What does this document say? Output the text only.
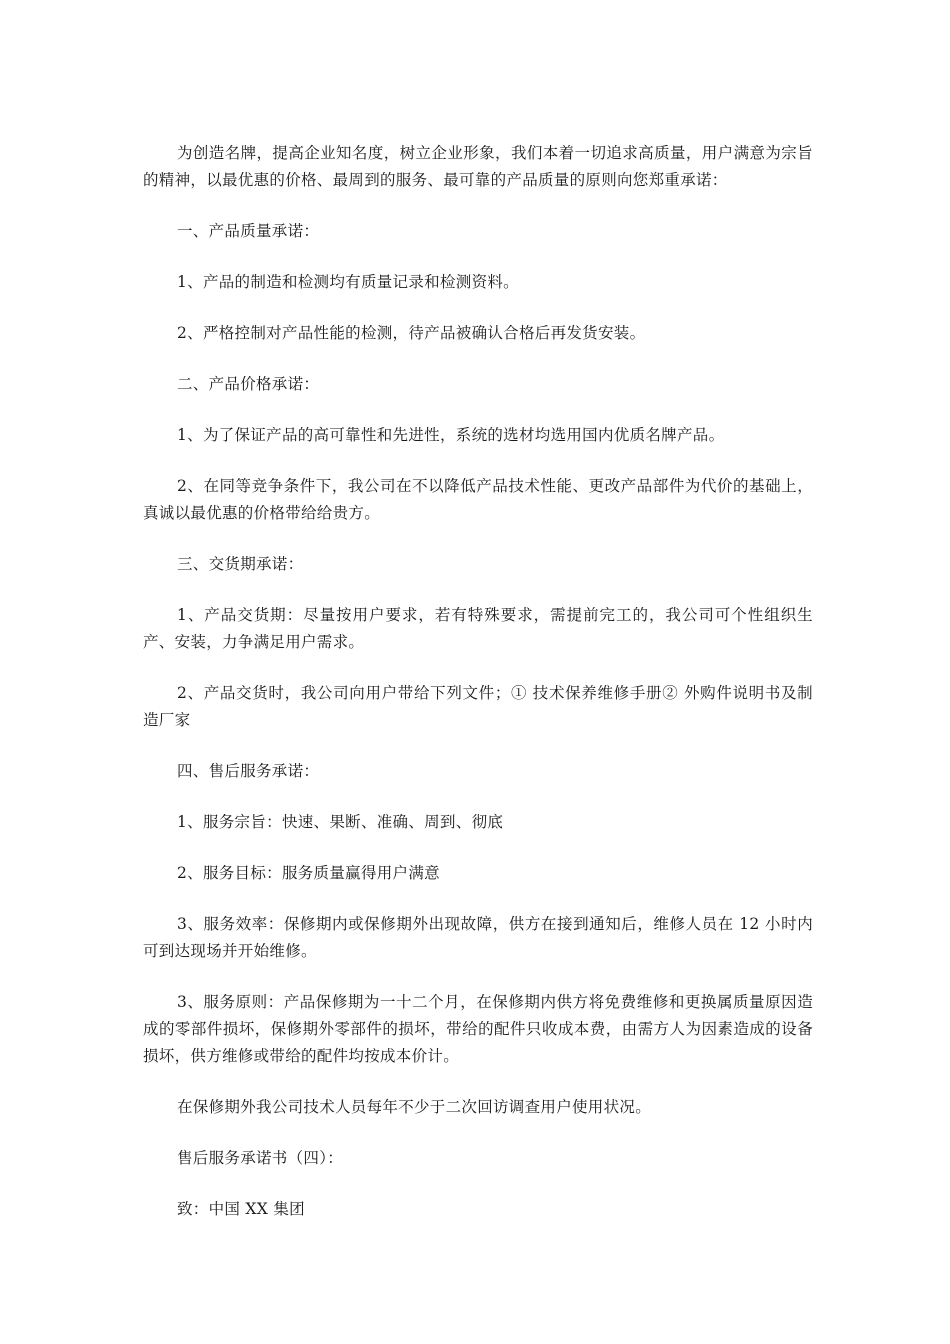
为创造名牌，提高企业知名度，树立企业形象，我们本着一切追求高质量，用户满意为宗旨的精神，以最优惠的价格、最周到的服务、最可靠的产品质量的原则向您郑重承诺：

一、产品质量承诺：

1、产品的制造和检测均有质量记录和检测资料。

2、严格控制对产品性能的检测，待产品被确认合格后再发货安装。

二、产品价格承诺：

1、为了保证产品的高可靠性和先进性，系统的选材均选用国内优质名牌产品。

2、在同等竞争条件下，我公司在不以降低产品技术性能、更改产品部件为代价的基础上，真诚以最优惠的价格带给给贵方。

三、交货期承诺：

1、产品交货期：尽量按用户要求，若有特殊要求，需提前完工的，我公司可个性组织生产、安装，力争满足用户需求。

2、产品交货时，我公司向用户带给下列文件；① 技术保养维修手册② 外购件说明书及制造厂家

四、售后服务承诺：

1、服务宗旨：快速、果断、准确、周到、彻底

2、服务目标：服务质量赢得用户满意

3、服务效率：保修期内或保修期外出现故障，供方在接到通知后，维修人员在 12 小时内可到达现场并开始维修。

3、服务原则：产品保修期为一十二个月，在保修期内供方将免费维修和更换属质量原因造成的零部件损坏，保修期外零部件的损坏，带给的配件只收成本费，由需方人为因素造成的设备损坏，供方维修或带给的配件均按成本价计。

在保修期外我公司技术人员每年不少于二次回访调查用户使用状况。

售后服务承诺书（四）：

致：中国 XX 集团
